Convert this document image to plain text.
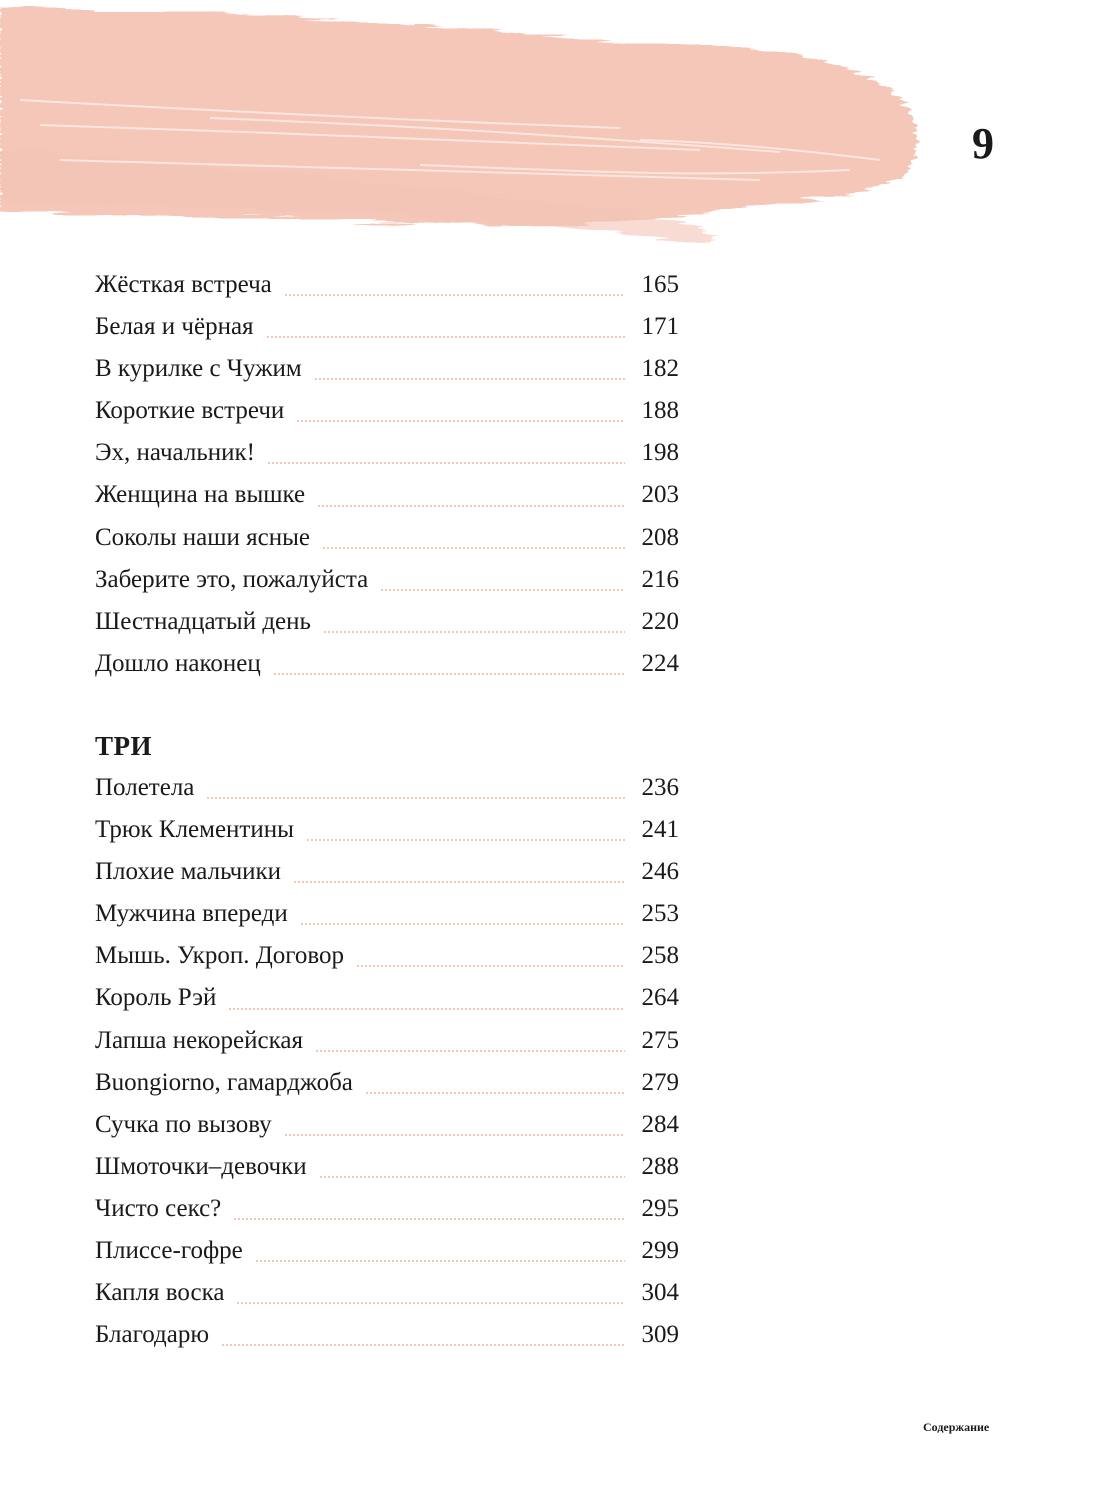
9
Жёсткая встреча	165
Белая и чёрная	171
В курилке с Чужим	182
Короткие встречи	188
Эх, начальник!	198
Женщина на вышке	203
Соколы наши ясные	208
Заберите это, пожалуйста	216
Шестнадцатый день	220
Дошло наконец	224
ТРИ
Полетела	236
Трюк Клементины	241
Плохие мальчики	246
Мужчина впереди	253
Мышь. Укроп. Договор	258
Король Рэй	264
Лапша некорейская	275
Buongiorno, гамарджоба	279
Сучка по вызову	284
Шмоточки–девочки	288
Чисто секс?	295
Плиссе-гофре	299
Капля воска	304
Благодарю	309
Содержание
